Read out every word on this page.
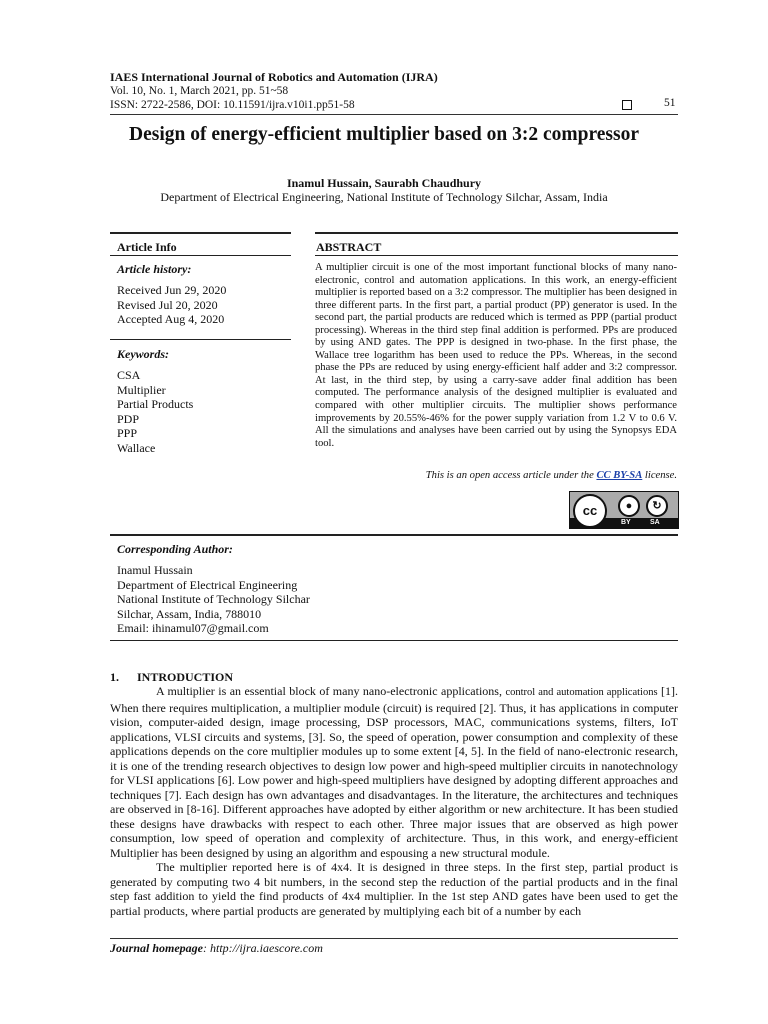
IAES International Journal of Robotics and Automation (IJRA)
Vol. 10, No. 1, March 2021, pp. 51~58
ISSN: 2722-2586, DOI: 10.11591/ijra.v10i1.pp51-58	51
Design of energy-efficient multiplier based on 3:2 compressor
Inamul Hussain, Saurabh Chaudhury
Department of Electrical Engineering, National Institute of Technology Silchar, Assam, India
Article Info	ABSTRACT
Article history:
Received Jun 29, 2020
Revised Jul 20, 2020
Accepted Aug 4, 2020
Keywords:
CSA
Multiplier
Partial Products
PDP
PPP
Wallace
A multiplier circuit is one of the most important functional blocks of many nano-electronic, control and automation applications. In this work, an energy-efficient multiplier is reported based on a 3:2 compressor. The multiplier has been designed in three different parts. In the first part, a partial product (PP) generator is used. In the second part, the partial products are reduced which is termed as PPP (partial product processing). Whereas in the third step final addition is performed. PPs are produced by using AND gates. The PPP is designed in two-phase. In the first phase, the Wallace tree logarithm has been used to reduce the PPs. Whereas, in the second phase the PPs are reduced by using energy-efficient half adder and 3:2 compressor. At last, in the third step, by using a carry-save adder final addition has been computed. The performance analysis of the designed multiplier is evaluated and compared with other multiplier circuits. The multiplier shows performance improvements by 20.55%-46% for the power supply variation from 1.2 V to 0.6 V. All the simulations and analyses have been carried out by using the Synopsys EDA tool.
This is an open access article under the CC BY-SA license.
cc	●	↻
BY	SA
Corresponding Author:
Inamul Hussain
Department of Electrical Engineering
National Institute of Technology Silchar
Silchar, Assam, India, 788010
Email: ihinamul07@gmail.com
1.      INTRODUCTION

A multiplier is an essential block of many nano-electronic applications, control and automation applications [1]. When there requires multiplication, a multiplier module (circuit) is required [2]. Thus, it has applications in computer vision, computer-aided design, image processing, DSP processors, MAC, communications systems, filters, IoT applications, VLSI circuits and systems, [3]. So, the speed of operation, power consumption and complexity of these applications depends on the core multiplier modules up to some extent [4, 5]. In the field of nano-electronic research, it is one of the trending research objectives to design low power and high-speed multiplier circuits in nanotechnology for VLSI applications [6]. Low power and high-speed multipliers have designed by adopting different approaches and techniques [7]. Each design has own advantages and disadvantages. In the literature, the architectures and techniques are observed in [8-16]. Different approaches have adopted by either algorithm or new architecture. It has been studied these designs have drawbacks with respect to each other. Three major issues that are observed as high power consumption, low speed of operation and complexity of architecture. Thus, in this work, and energy-efficient Multiplier has been designed by using an algorithm and espousing a new structural module.

The multiplier reported here is of 4x4. It is designed in three steps. In the first step, partial product is generated by computing two 4 bit numbers, in the second step the reduction of the partial products and in the final step fast addition to yield the find products of 4x4 multiplier. In the 1st step AND gates have been used to get the partial products, where partial products are generated by multiplying each bit of a number by each

Journal homepage: http://ijra.iaescore.com
